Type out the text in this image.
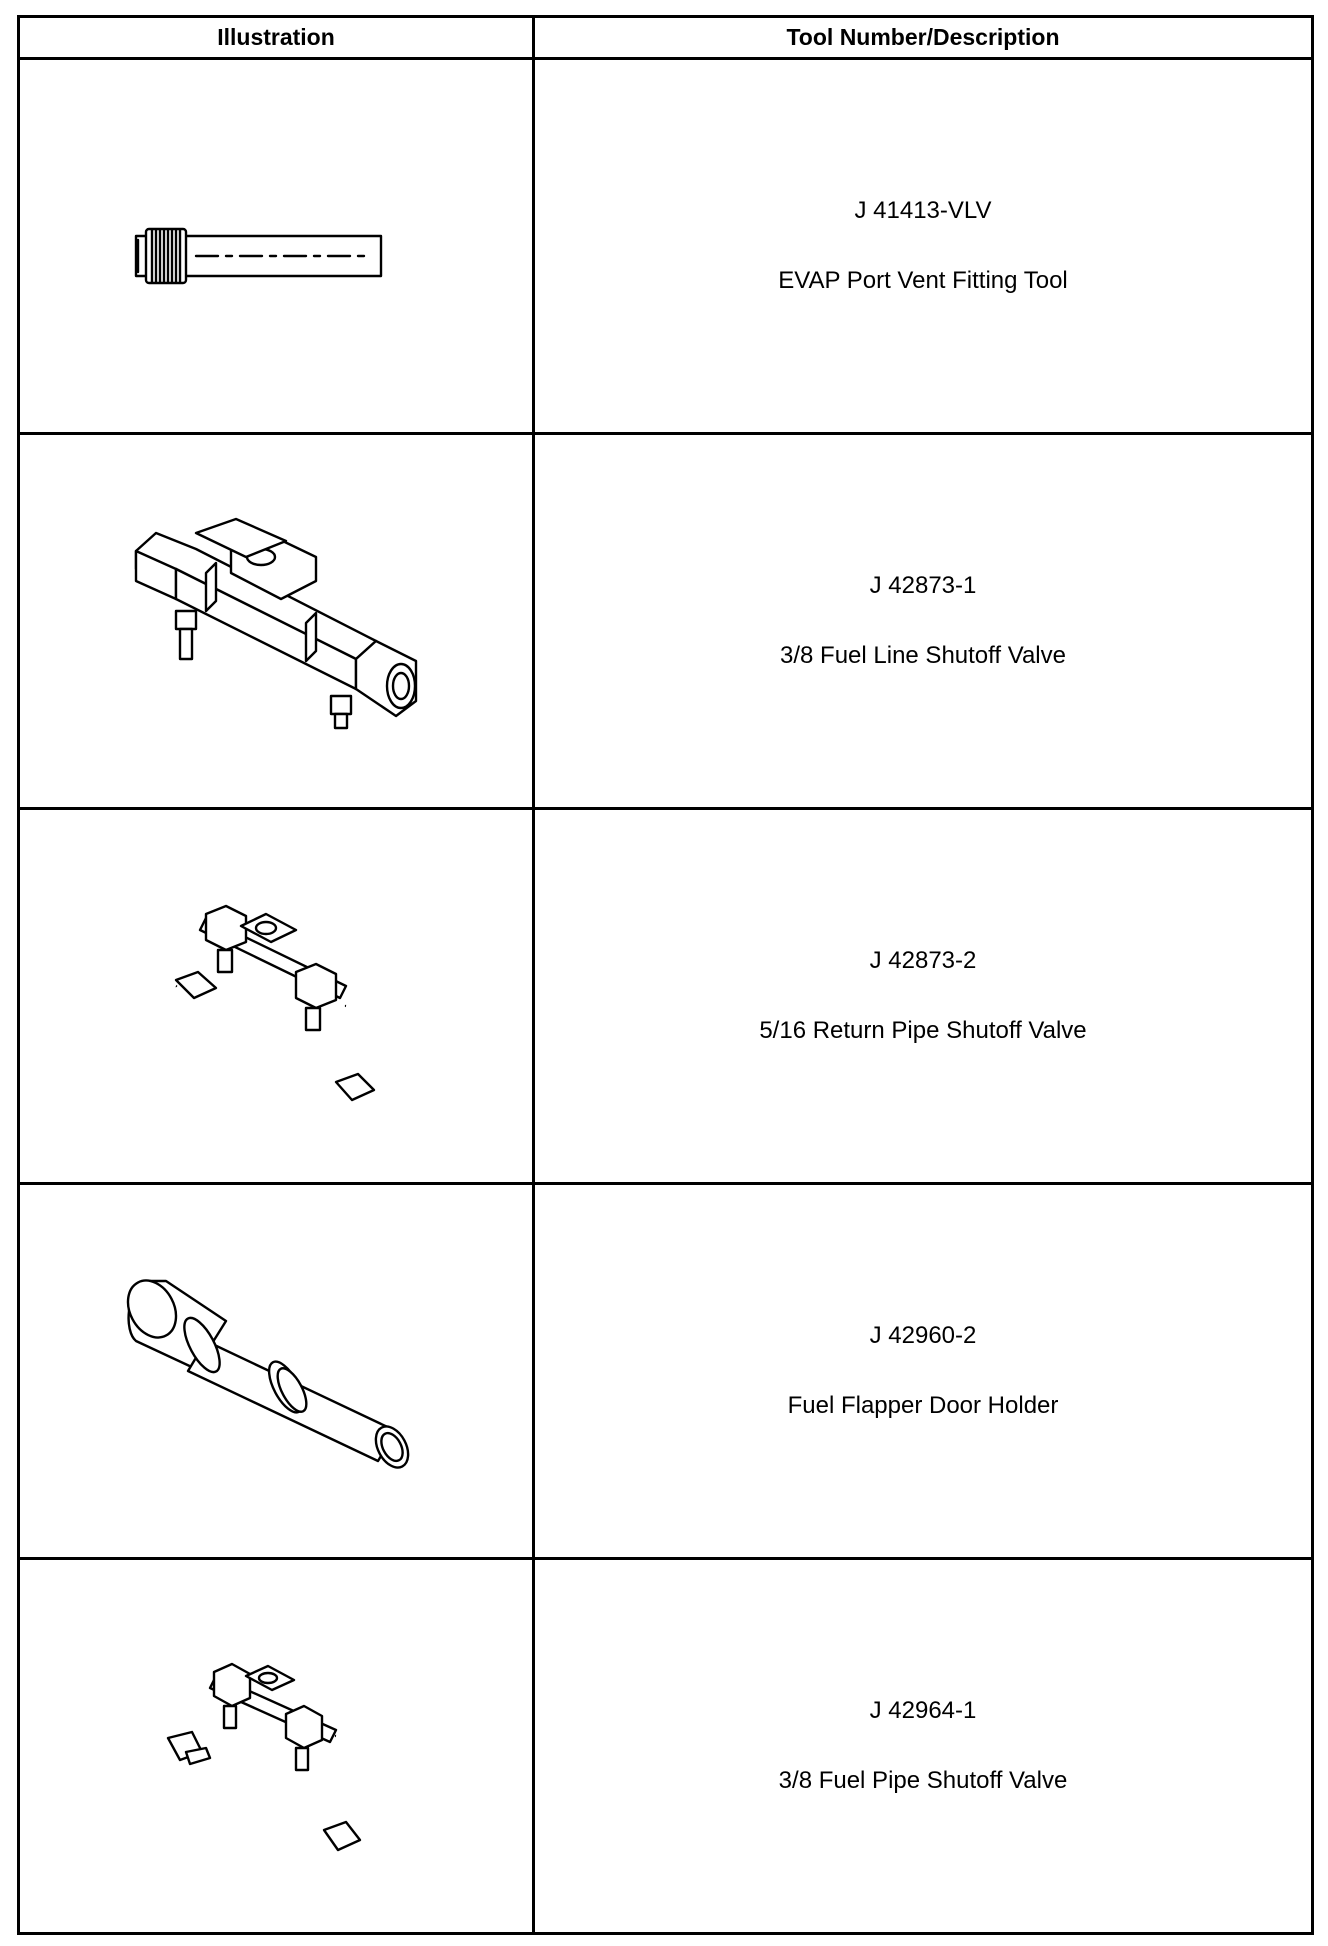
Illustration	Tool Number/Description

J 41413-VLV
EVAP Port Vent Fitting Tool

J 42873-1
3/8 Fuel Line Shutoff Valve

J 42873-2
5/16 Return Pipe Shutoff Valve

J 42960-2
Fuel Flapper Door Holder

J 42964-1
3/8 Fuel Pipe Shutoff Valve
